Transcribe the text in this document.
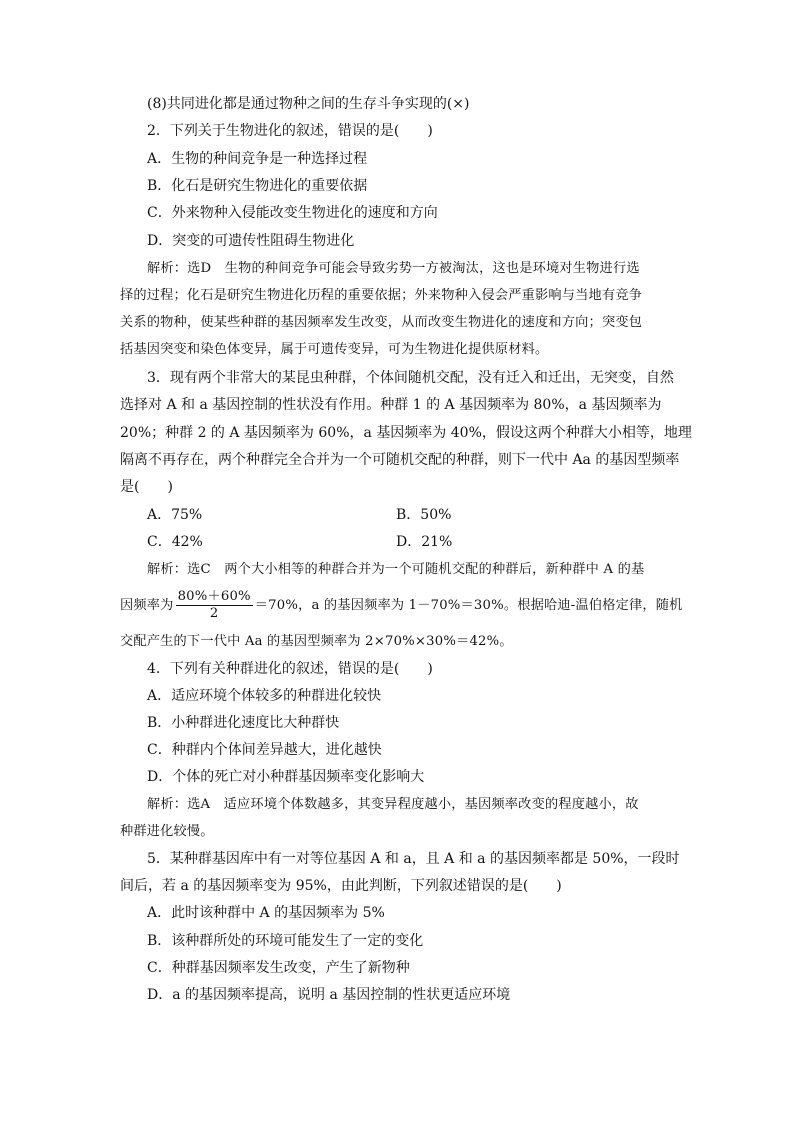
(8)共同进化都是通过物种之间的生存斗争实现的(×)
2．下列关于生物进化的叙述，错误的是(　　)
A．生物的种间竞争是一种选择过程
B．化石是研究生物进化的重要依据
C．外来物种入侵能改变生物进化的速度和方向
D．突变的可遗传性阻碍生物进化
解析：选D　生物的种间竞争可能会导致劣势一方被淘汰，这也是环境对生物进行选
择的过程；化石是研究生物进化历程的重要依据；外来物种入侵会严重影响与当地有竞争
关系的物种，使某些种群的基因频率发生改变，从而改变生物进化的速度和方向；突变包
括基因突变和染色体变异，属于可遗传变异，可为生物进化提供原材料。
3．现有两个非常大的某昆虫种群，个体间随机交配，没有迁入和迁出，无突变，自然
选择对 A 和 a 基因控制的性状没有作用。种群 1 的 A 基因频率为 80%，a 基因频率为
20%；种群 2 的 A 基因频率为 60%，a 基因频率为 40%，假设这两个种群大小相等，地理
隔离不再存在，两个种群完全合并为一个可随机交配的种群，则下一代中 Aa 的基因型频率
是(　　)
A．75%	B．50%
C．42%	D．21%
解析：选C　两个大小相等的种群合并为一个可随机交配的种群后，新种群中 A 的基
因频率为 $\frac{80\%+60\%}{2} =70\%$，a 的基因频率为 1－70%＝30%。根据哈迪-温伯格定律，随机
交配产生的下一代中 Aa 的基因型频率为 2×70%×30%＝42%。
4．下列有关种群进化的叙述，错误的是(　　)
A．适应环境个体较多的种群进化较快
B．小种群进化速度比大种群快
C．种群内个体间差异越大，进化越快
D．个体的死亡对小种群基因频率变化影响大
解析：选A　适应环境个体数越多，其变异程度越小，基因频率改变的程度越小，故
种群进化较慢。
5．某种群基因库中有一对等位基因 A 和 a，且 A 和 a 的基因频率都是 50%，一段时
间后，若 a 的基因频率变为 95%，由此判断，下列叙述错误的是(　　)
A．此时该种群中 A 的基因频率为 5%
B．该种群所处的环境可能发生了一定的变化
C．种群基因频率发生改变，产生了新物种
D．a 的基因频率提高，说明 a 基因控制的性状更适应环境
